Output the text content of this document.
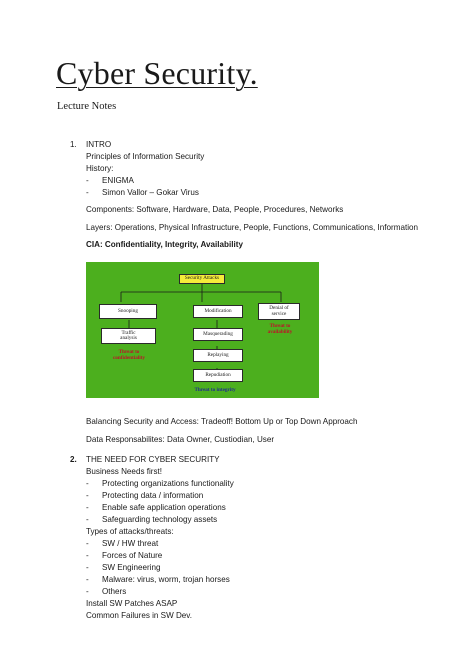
Cyber Security.
Lecture Notes
1. INTRO
Principles of Information Security
History:
- ENIGMA
- Simon Vallor – Gokar Virus
Components: Software, Hardware, Data, People, Procedures, Networks
Layers: Operations, Physical Infrastructure, People, Functions, Communications, Information
CIA: Confidentiality, Integrity, Availability
Security Attacks
Snooping
Traffic
analysis
Threat to
confidentiality
Modification
Masquerading
Replaying
Repudiation
Threat to integrity
Denial of
service
Threat to
availability
Balancing Security and Access: Tradeoff! Bottom Up or Top Down Approach
Data Responsabilites: Data Owner, Custiodian, User
2. THE NEED FOR CYBER SECURITY
Business Needs first!
- Protecting organizations functionality
- Protecting data / information
- Enable safe application operations
- Safeguarding technology assets
Types of attacks/threats:
- SW / HW threat
- Forces of Nature
- SW Engineering
- Malware: virus, worm, trojan horses
- Others
Install SW Patches ASAP
Common Failures in SW Dev.
